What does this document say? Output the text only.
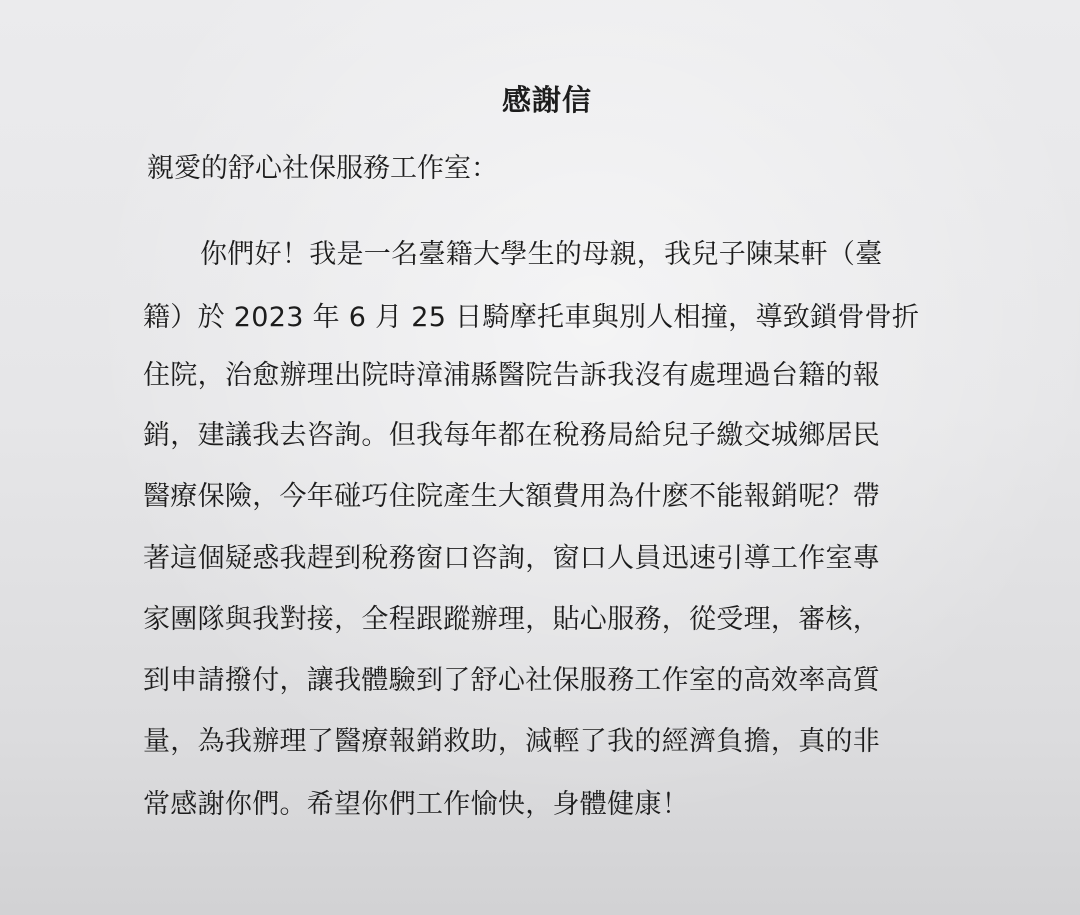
感謝信
親愛的舒心社保服務工作室：
你們好！我是一名臺籍大學生的母親，我兒子陳某軒（臺
籍）於 2023 年 6 月 25 日騎摩托車與別人相撞，導致鎖骨骨折
住院，治愈辦理出院時漳浦縣醫院告訴我沒有處理過台籍的報
銷，建議我去咨詢。但我每年都在稅務局給兒子繳交城鄉居民
醫療保險，今年碰巧住院產生大額費用為什麽不能報銷呢？帶
著這個疑惑我趕到稅務窗口咨詢，窗口人員迅速引導工作室專
家團隊與我對接，全程跟蹤辦理，貼心服務，從受理，審核，
到申請撥付，讓我體驗到了舒心社保服務工作室的高效率高質
量，為我辦理了醫療報銷救助，減輕了我的經濟負擔，真的非
常感謝你們。希望你們工作愉快，身體健康！
